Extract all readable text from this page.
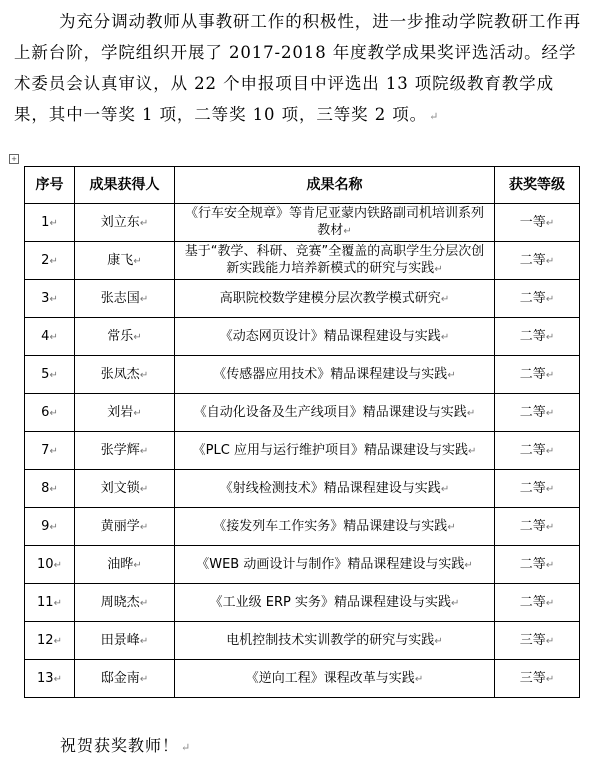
为充分调动教师从事教研工作的积极性，进一步推动学院教研工作再上新台阶，学院组织开展了 2017-2018 年度教学成果奖评选活动。经学术委员会认真审议，从 22 个申报项目中评选出 13 项院级教育教学成果，其中一等奖 1 项，二等奖 10 项，三等奖 2 项。 ↵

+
序号	成果获得人	成果名称	获奖等级
1↵	刘立东↵	《行车安全规章》等肯尼亚蒙内铁路副司机培训系列教材↵	一等↵
2↵	康飞↵	基于“教学、科研、竞赛”全覆盖的高职学生分层次创新实践能力培养新模式的研究与实践↵	二等↵
3↵	张志国↵	高职院校数学建模分层次教学模式研究↵	二等↵
4↵	常乐↵	《动态网页设计》精品课程建设与实践↵	二等↵
5↵	张凤杰↵	《传感器应用技术》精品课程建设与实践↵	二等↵
6↵	刘岩↵	《自动化设备及生产线项目》精品课建设与实践↵	二等↵
7↵	张学辉↵	《PLC 应用与运行维护项目》精品课建设与实践↵	二等↵
8↵	刘文锁↵	《射线检测技术》精品课程建设与实践↵	二等↵
9↵	黄丽学↵	《接发列车工作实务》精品课建设与实践↵	二等↵
10↵	油晔↵	《WEB 动画设计与制作》精品课程建设与实践↵	二等↵
11↵	周晓杰↵	《工业级 ERP 实务》精品课程建设与实践↵	二等↵
12↵	田景峰↵	电机控制技术实训教学的研究与实践↵	三等↵
13↵	邸金南↵	《逆向工程》课程改革与实践↵	三等↵
祝贺获奖教师！ ↵
